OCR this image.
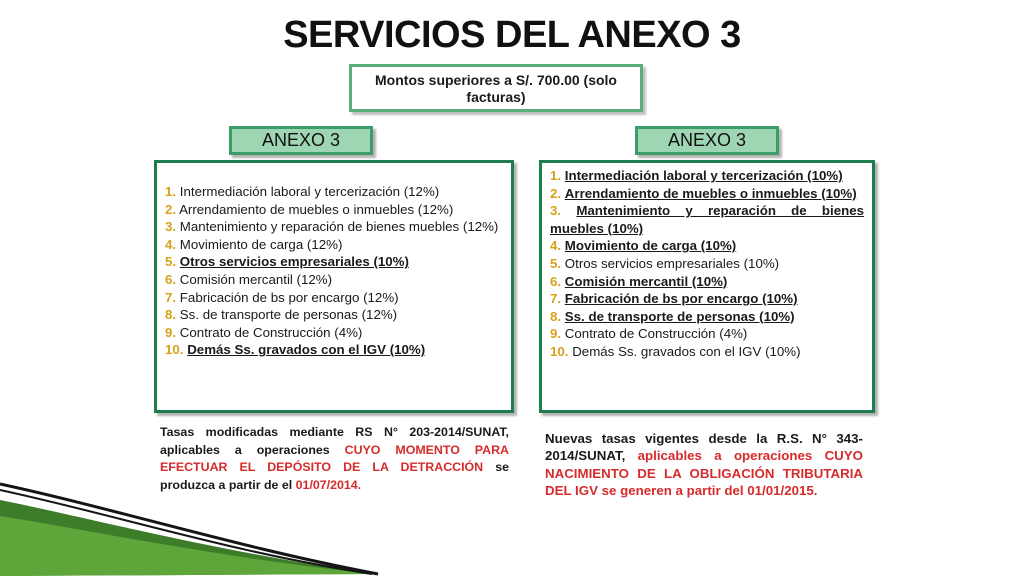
SERVICIOS DEL ANEXO 3
Montos superiores a S/. 700.00 (solo facturas)
ANEXO 3	ANEXO 3
1. Intermediación laboral y tercerización (12%)
2. Arrendamiento de muebles o inmuebles (12%)
3. Mantenimiento y reparación de bienes muebles (12%)
4. Movimiento de carga (12%)
5. Otros servicios empresariales (10%)
6. Comisión mercantil (12%)
7. Fabricación de bs por encargo (12%)
8. Ss. de transporte de personas (12%)
9. Contrato de Construcción (4%)
10. Demás Ss. gravados con el IGV (10%)
1. Intermediación laboral y tercerización (10%)
2. Arrendamiento de muebles o inmuebles (10%)
3. Mantenimiento y reparación de bienes muebles (10%)
4. Movimiento de carga (10%)
5. Otros servicios empresariales (10%)
6. Comisión mercantil (10%)
7. Fabricación de bs por encargo (10%)
8. Ss. de transporte de personas (10%)
9. Contrato de Construcción (4%)
10. Demás Ss. gravados con el IGV (10%)
Tasas modificadas mediante RS N° 203-2014/SUNAT, aplicables a operaciones CUYO MOMENTO PARA EFECTUAR EL DEPÓSITO DE LA DETRACCIÓN se produzca a partir de el 01/07/2014.
Nuevas tasas vigentes desde la R.S. N° 343-2014/SUNAT, aplicables a operaciones CUYO NACIMIENTO DE LA OBLIGACIÓN TRIBUTARIA DEL IGV se generen a partir del 01/01/2015.
